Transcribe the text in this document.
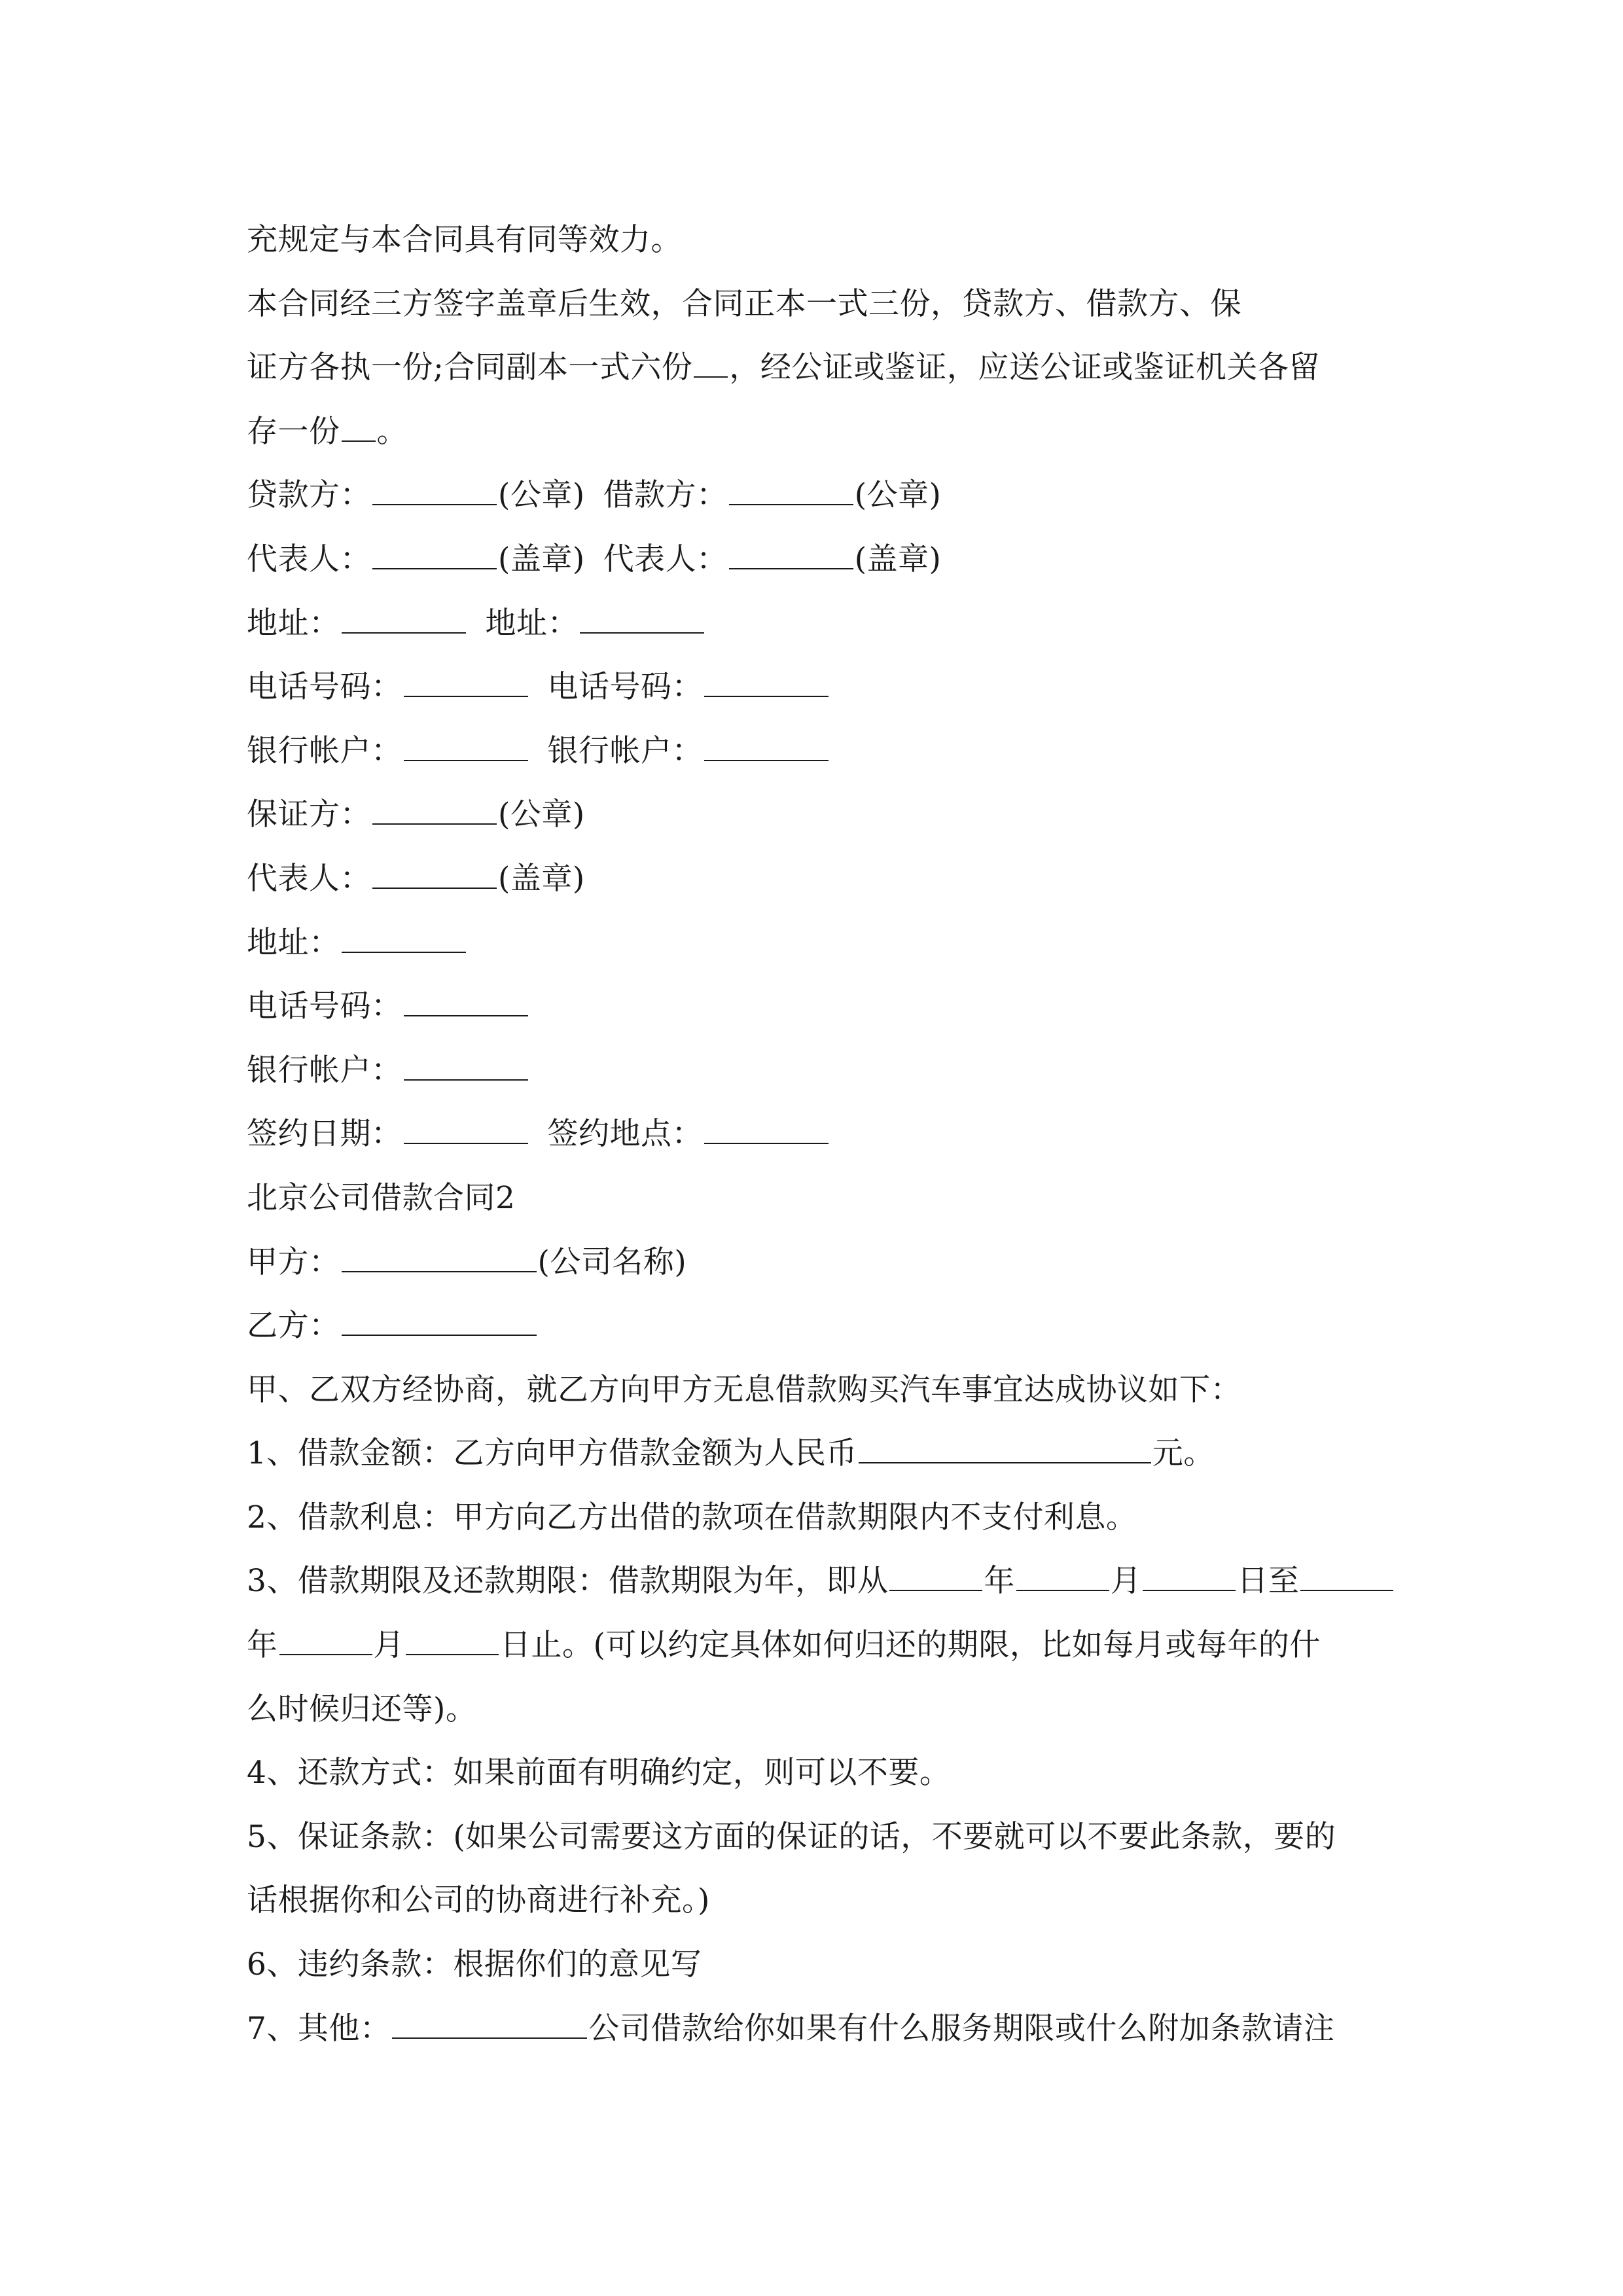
充规定与本合同具有同等效力。
本合同经三方签字盖章后生效，合同正本一式三份，贷款方、借款方、保
证方各执一份;合同副本一式六份 ，经公证或鉴证，应送公证或鉴证机关各留
存一份 。
贷款方：	(公章) 借款方：	(公章)
代表人：	(盖章) 代表人：	(盖章)
地址：	地址：
电话号码：	电话号码：
银行帐户：	银行帐户：
保证方：	(公章)
代表人：	(盖章)
地址：
电话号码：
银行帐户：
签约日期：	签约地点：
北京公司借款合同2
甲方：	(公司名称)
乙方：
甲、乙双方经协商，就乙方向甲方无息借款购买汽车事宜达成协议如下：
1、借款金额：乙方向甲方借款金额为人民币	元。
2、借款利息：甲方向乙方出借的款项在借款期限内不支付利息。
3、借款期限及还款期限：借款期限为年，即从	年	月	日至
年	月	日止。(可以约定具体如何归还的期限，比如每月或每年的什
么时候归还等)。
4、还款方式：如果前面有明确约定，则可以不要。
5、保证条款：(如果公司需要这方面的保证的话，不要就可以不要此条款，要的
话根据你和公司的协商进行补充。)
6、违约条款：根据你们的意见写
7、其他：	公司借款给你如果有什么服务期限或什么附加条款请注
